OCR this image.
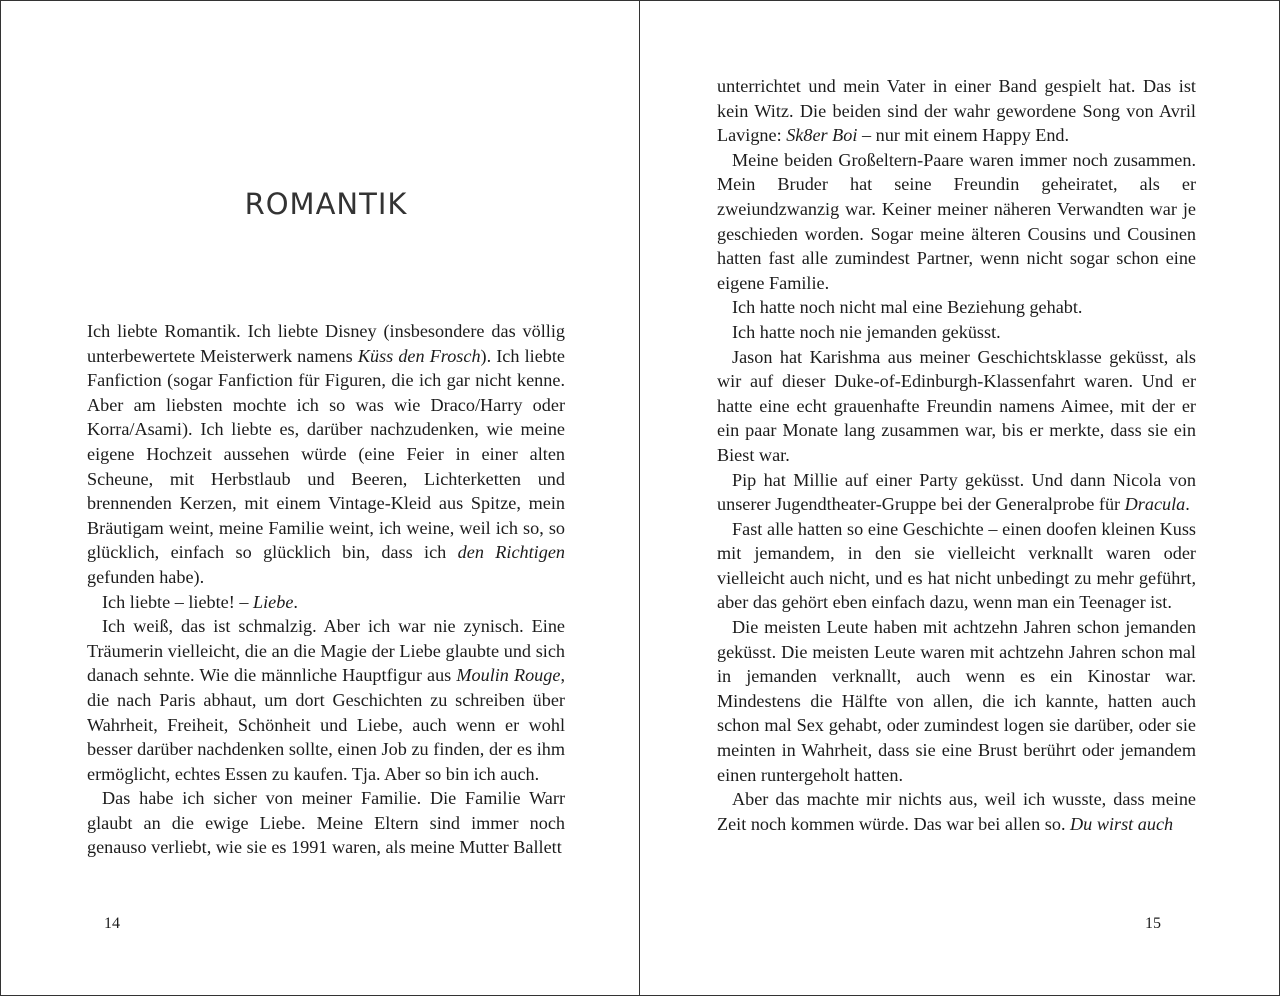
ROMANTIK

Ich liebte Romantik. Ich liebte Disney (insbesondere das völlig unterbewertete Meisterwerk namens Küss den Frosch). Ich liebte Fanfiction (sogar Fanfiction für Figuren, die ich gar nicht kenne. Aber am liebsten mochte ich so was wie Draco/Harry oder Korra/Asami). Ich liebte es, darüber nachzudenken, wie meine eigene Hochzeit aussehen würde (eine Feier in einer alten Scheune, mit Herbstlaub und Beeren, Lichterketten und brennenden Kerzen, mit einem Vintage-Kleid aus Spitze, mein Bräutigam weint, meine Familie weint, ich weine, weil ich so, so glücklich, einfach so glücklich bin, dass ich den Richtigen gefunden habe).

Ich liebte – liebte! – Liebe.

Ich weiß, das ist schmalzig. Aber ich war nie zynisch. Eine Träumerin vielleicht, die an die Magie der Liebe glaubte und sich danach sehnte. Wie die männliche Hauptfigur aus Moulin Rouge, die nach Paris abhaut, um dort Geschichten zu schreiben über Wahrheit, Freiheit, Schönheit und Liebe, auch wenn er wohl besser darüber nachdenken sollte, einen Job zu finden, der es ihm ermöglicht, echtes Essen zu kaufen. Tja. Aber so bin ich auch.

Das habe ich sicher von meiner Familie. Die Familie Warr glaubt an die ewige Liebe. Meine Eltern sind immer noch genauso verliebt, wie sie es 1991 waren, als meine Mutter Ballett

14

unterrichtet und mein Vater in einer Band gespielt hat. Das ist kein Witz. Die beiden sind der wahr gewordene Song von Avril Lavigne: Sk8er Boi – nur mit einem Happy End.

Meine beiden Großeltern-Paare waren immer noch zusammen. Mein Bruder hat seine Freundin geheiratet, als er zweiundzwanzig war. Keiner meiner näheren Verwandten war je geschieden worden. Sogar meine älteren Cousins und Cousinen hatten fast alle zumindest Partner, wenn nicht sogar schon eine eigene Familie.

Ich hatte noch nicht mal eine Beziehung gehabt.

Ich hatte noch nie jemanden geküsst.

Jason hat Karishma aus meiner Geschichtsklasse geküsst, als wir auf dieser Duke-of-Edinburgh-Klassenfahrt waren. Und er hatte eine echt grauenhafte Freundin namens Aimee, mit der er ein paar Monate lang zusammen war, bis er merkte, dass sie ein Biest war.

Pip hat Millie auf einer Party geküsst. Und dann Nicola von unserer Jugendtheater-Gruppe bei der Generalprobe für Dracula.

Fast alle hatten so eine Geschichte – einen doofen kleinen Kuss mit jemandem, in den sie vielleicht verknallt waren oder vielleicht auch nicht, und es hat nicht unbedingt zu mehr geführt, aber das gehört eben einfach dazu, wenn man ein Teenager ist.

Die meisten Leute haben mit achtzehn Jahren schon jemanden geküsst. Die meisten Leute waren mit achtzehn Jahren schon mal in jemanden verknallt, auch wenn es ein Kinostar war. Mindestens die Hälfte von allen, die ich kannte, hatten auch schon mal Sex gehabt, oder zumindest logen sie darüber, oder sie meinten in Wahrheit, dass sie eine Brust berührt oder jemandem einen runtergeholt hatten.

Aber das machte mir nichts aus, weil ich wusste, dass meine Zeit noch kommen würde. Das war bei allen so. Du wirst auch

15
